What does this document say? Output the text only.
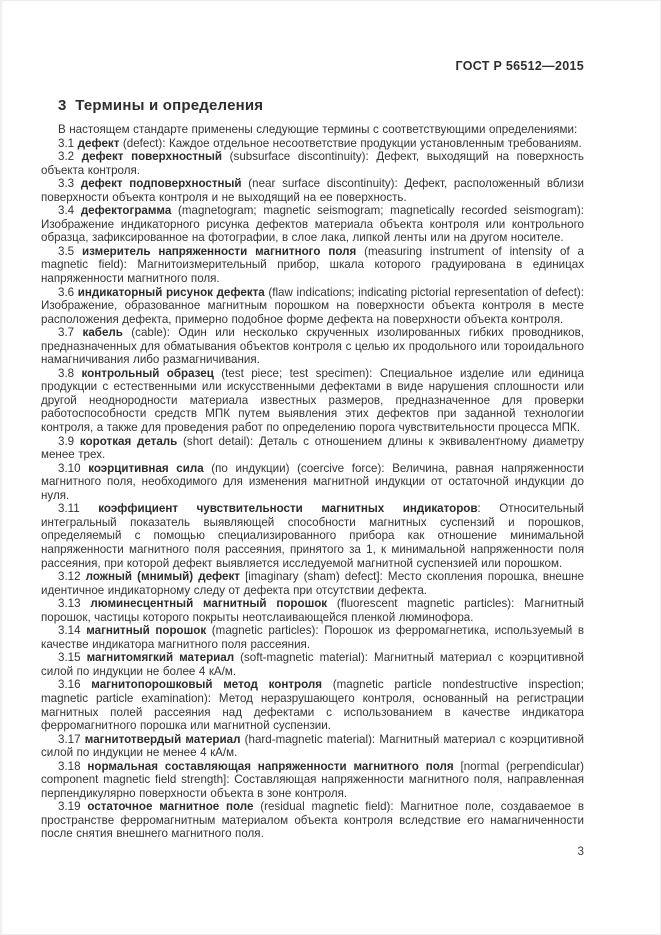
ГОСТ Р 56512—2015
3  Термины и определения

В настоящем стандарте применены следующие термины с соответствующими определениями:

3.1 дефект (defect): Каждое отдельное несоответствие продукции установленным требованиям.

3.2 дефект поверхностный (subsurface discontinuity): Дефект, выходящий на поверхность объекта контроля.

3.3 дефект подповерхностный (near surface discontinuity): Дефект, расположенный вблизи поверхности объекта контроля и не выходящий на ее поверхность.

3.4 дефектограмма (magnetogram; magnetic seismogram; magnetically recorded seismogram): Изображение индикаторного рисунка дефектов материала объекта контроля или контрольного образца, зафиксированное на фотографии, в слое лака, липкой ленты или на другом носителе.

3.5 измеритель напряженности магнитного поля (measuring instrument of intensity of a magnetic field): Магнитоизмерительный прибор, шкала которого градуирована в единицах напряженности магнитного поля.

3.6 индикаторный рисунок дефекта (flaw indications; indicating pictorial representation of defect): Изображение, образованное магнитным порошком на поверхности объекта контроля в месте расположения дефекта, примерно подобное форме дефекта на поверхности объекта контроля.

3.7 кабель (cable): Один или несколько скрученных изолированных гибких проводников, предназначенных для обматывания объектов контроля с целью их продольного или тороидального намагничивания либо размагничивания.

3.8 контрольный образец (test piece; test specimen): Специальное изделие или единица продукции с естественными или искусственными дефектами в виде нарушения сплошности или другой неоднородности материала известных размеров, предназначенное для проверки работоспособности средств МПК путем выявления этих дефектов при заданной технологии контроля, а также для проведения работ по определению порога чувствительности процесса МПК.

3.9 короткая деталь (short detail): Деталь с отношением длины к эквивалентному диаметру менее трех.

3.10 коэрцитивная сила (по индукции) (coercive force): Величина, равная напряженности магнитного поля, необходимого для изменения магнитной индукции от остаточной индукции до нуля.

3.11 коэффициент чувствительности магнитных индикаторов: Относительный интегральный показатель выявляющей способности магнитных суспензий и порошков, определяемый с помощью специализированного прибора как отношение минимальной напряженности магнитного поля рассеяния, принятого за 1, к минимальной напряженности поля рассеяния, при которой дефект выявляется исследуемой магнитной суспензией или порошком.

3.12 ложный (мнимый) дефект [imaginary (sham) defect]: Место скопления порошка, внешне идентичное индикаторному следу от дефекта при отсутствии дефекта.

3.13 люминесцентный магнитный порошок (fluorescent magnetic particles): Магнитный порошок, частицы которого покрыты неотслаивающейся пленкой люминофора.

3.14 магнитный порошок (magnetic particles): Порошок из ферромагнетика, используемый в качестве индикатора магнитного поля рассеяния.

3.15 магнитомягкий материал (soft-magnetic material): Магнитный материал с коэрцитивной силой по индукции не более 4 кА/м.

3.16 магнитопорошковый метод контроля (magnetic particle nondestructive inspection; magnetic particle examination): Метод неразрушающего контроля, основанный на регистрации магнитных полей рассеяния над дефектами с использованием в качестве индикатора ферромагнитного порошка или магнитной суспензии.

3.17 магнитотвердый материал (hard-magnetic material): Магнитный материал с коэрцитивной силой по индукции не менее 4 кА/м.

3.18 нормальная составляющая напряженности магнитного поля [normal (perpendicular) component magnetic field strength]: Составляющая напряженности магнитного поля, направленная перпендикулярно поверхности объекта в зоне контроля.

3.19 остаточное магнитное поле (residual magnetic field): Магнитное поле, создаваемое в пространстве ферромагнитным материалом объекта контроля вследствие его намагниченности после снятия внешнего магнитного поля.

3
